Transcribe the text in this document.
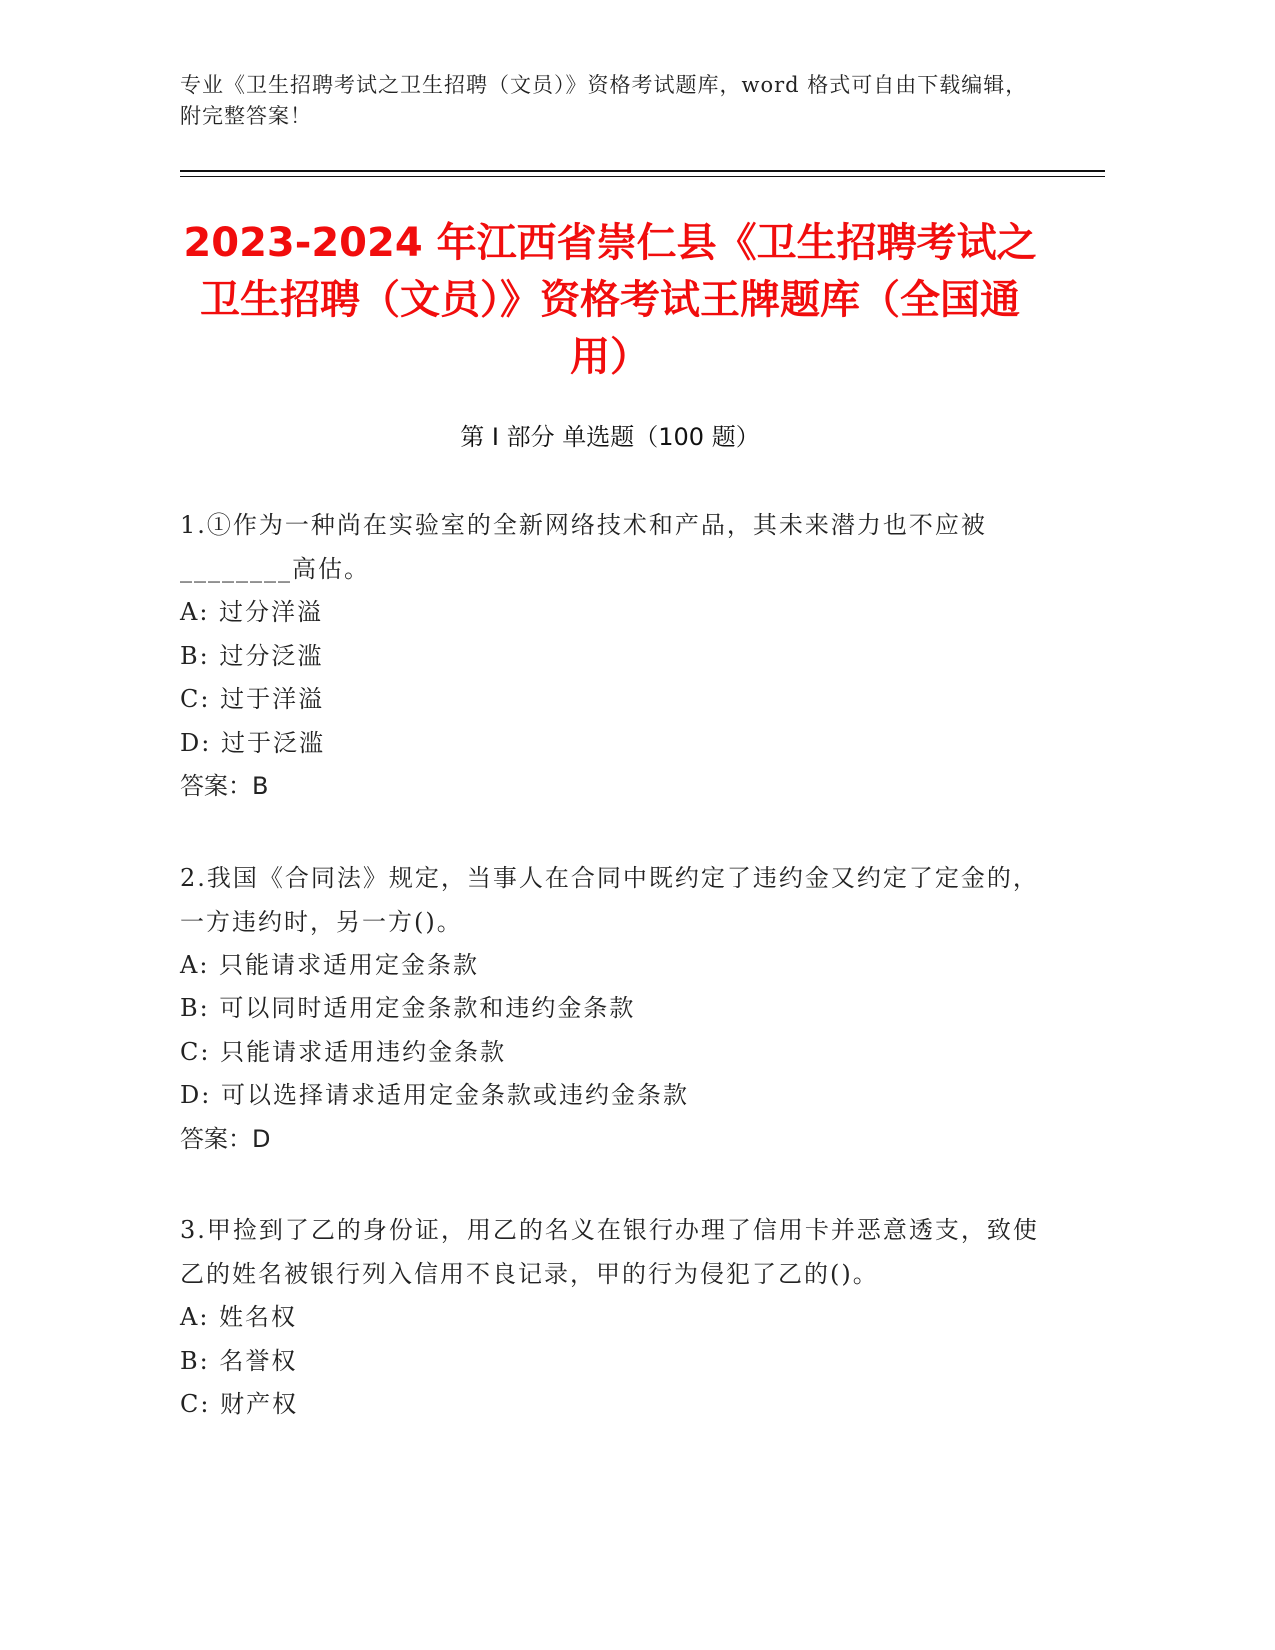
专业《卫生招聘考试之卫生招聘（文员）》资格考试题库，word 格式可自由下载编辑，附完整答案！
2023-2024 年江西省崇仁县《卫生招聘考试之卫生招聘（文员）》资格考试王牌题库（全国通用）
第 I 部分 单选题（100 题）

1.①作为一种尚在实验室的全新网络技术和产品，其未来潜力也不应被________高估。

A: 过分洋溢

B: 过分泛滥

C: 过于洋溢

D: 过于泛滥

答案：B

2.我国《合同法》规定，当事人在合同中既约定了违约金又约定了定金的，一方违约时，另一方()。

A: 只能请求适用定金条款

B: 可以同时适用定金条款和违约金条款

C: 只能请求适用违约金条款

D: 可以选择请求适用定金条款或违约金条款

答案：D

3.甲捡到了乙的身份证，用乙的名义在银行办理了信用卡并恶意透支，致使乙的姓名被银行列入信用不良记录，甲的行为侵犯了乙的()。

A: 姓名权

B: 名誉权

C: 财产权
